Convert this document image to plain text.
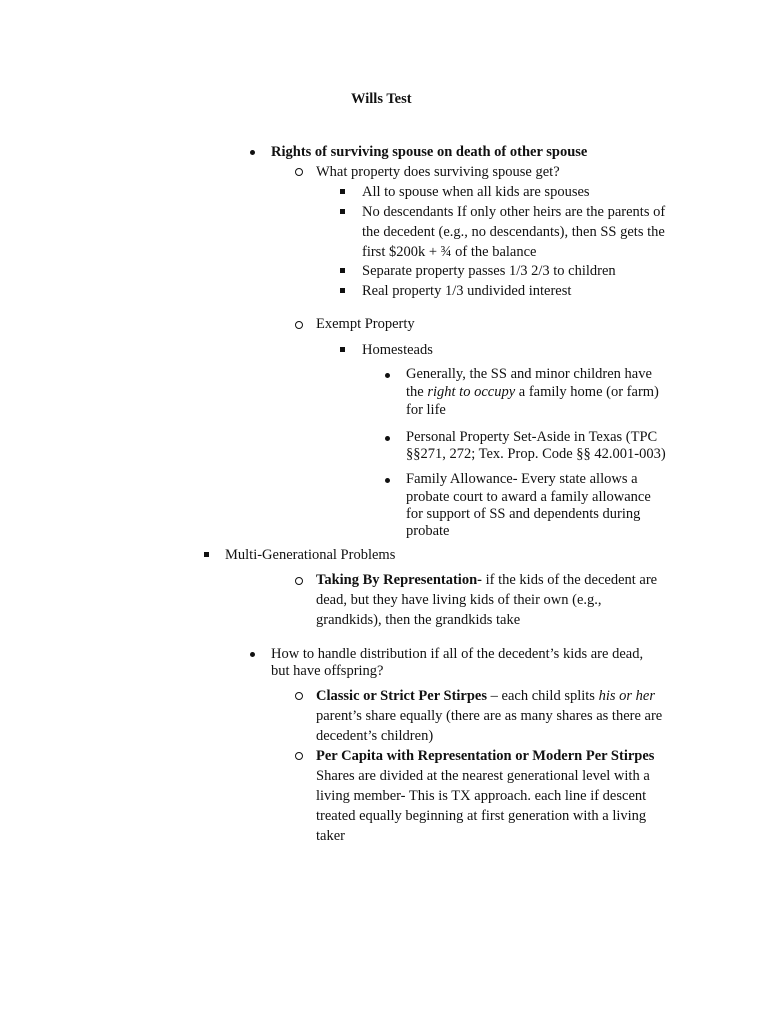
Wills Test
Rights of surviving spouse on death of other spouse
What property does surviving spouse get?
All to spouse when all kids are spouses
No descendants If only other heirs are the parents of
the decedent (e.g., no descendants), then SS gets the
first $200k + ¾ of the balance
Separate property passes 1/3 2/3 to children
Real property 1/3 undivided interest
Exempt Property
Homesteads
Generally, the SS and minor children have
the right to occupy a family home (or farm)
for life
Personal Property Set-Aside in Texas (TPC
§§271, 272; Tex. Prop. Code §§ 42.001-003)
Family Allowance- Every state allows a
probate court to award a family allowance
for support of SS and dependents during
probate
Multi-Generational Problems
Taking By Representation- if the kids of the decedent are
dead, but they have living kids of their own (e.g.,
grandkids), then the grandkids take
How to handle distribution if all of the decedent’s kids are dead,
but have offspring?
Classic or Strict Per Stirpes – each child splits his or her
parent’s share equally (there are as many shares as there are
decedent’s children)
Per Capita with Representation or Modern Per Stirpes
Shares are divided at the nearest generational level with a
living member- This is TX approach. each line if descent
treated equally beginning at first generation with a living
taker
